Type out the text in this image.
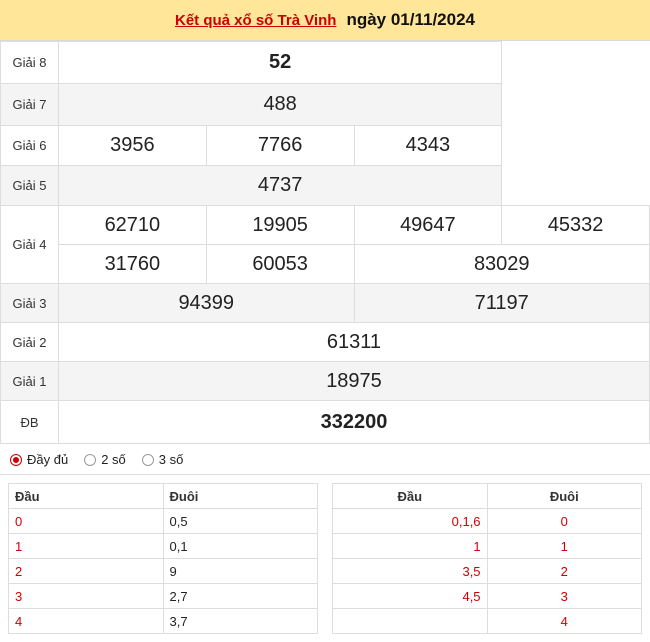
Kết quả xổ số Trà Vinh ngày 01/11/2024
Giải 8	52			
Giải 7	488			
Giải 6	3956	7766	4343	
Giải 5	4737			
Giải 4	62710	19905	49647	45332
	31760	60053	83029	
Giải 3	94399		71197	
Giải 2	61311			
Giải 1	18975			
ĐB	332200			
Đầy đủ	2 số	3 số
Đầu	Đuôi
0	0,5
1	0,1
2	9
3	2,7
4	3,7
Đầu	Đuôi
0,1,6	0
1	1
3,5	2
4,5	3
	4
